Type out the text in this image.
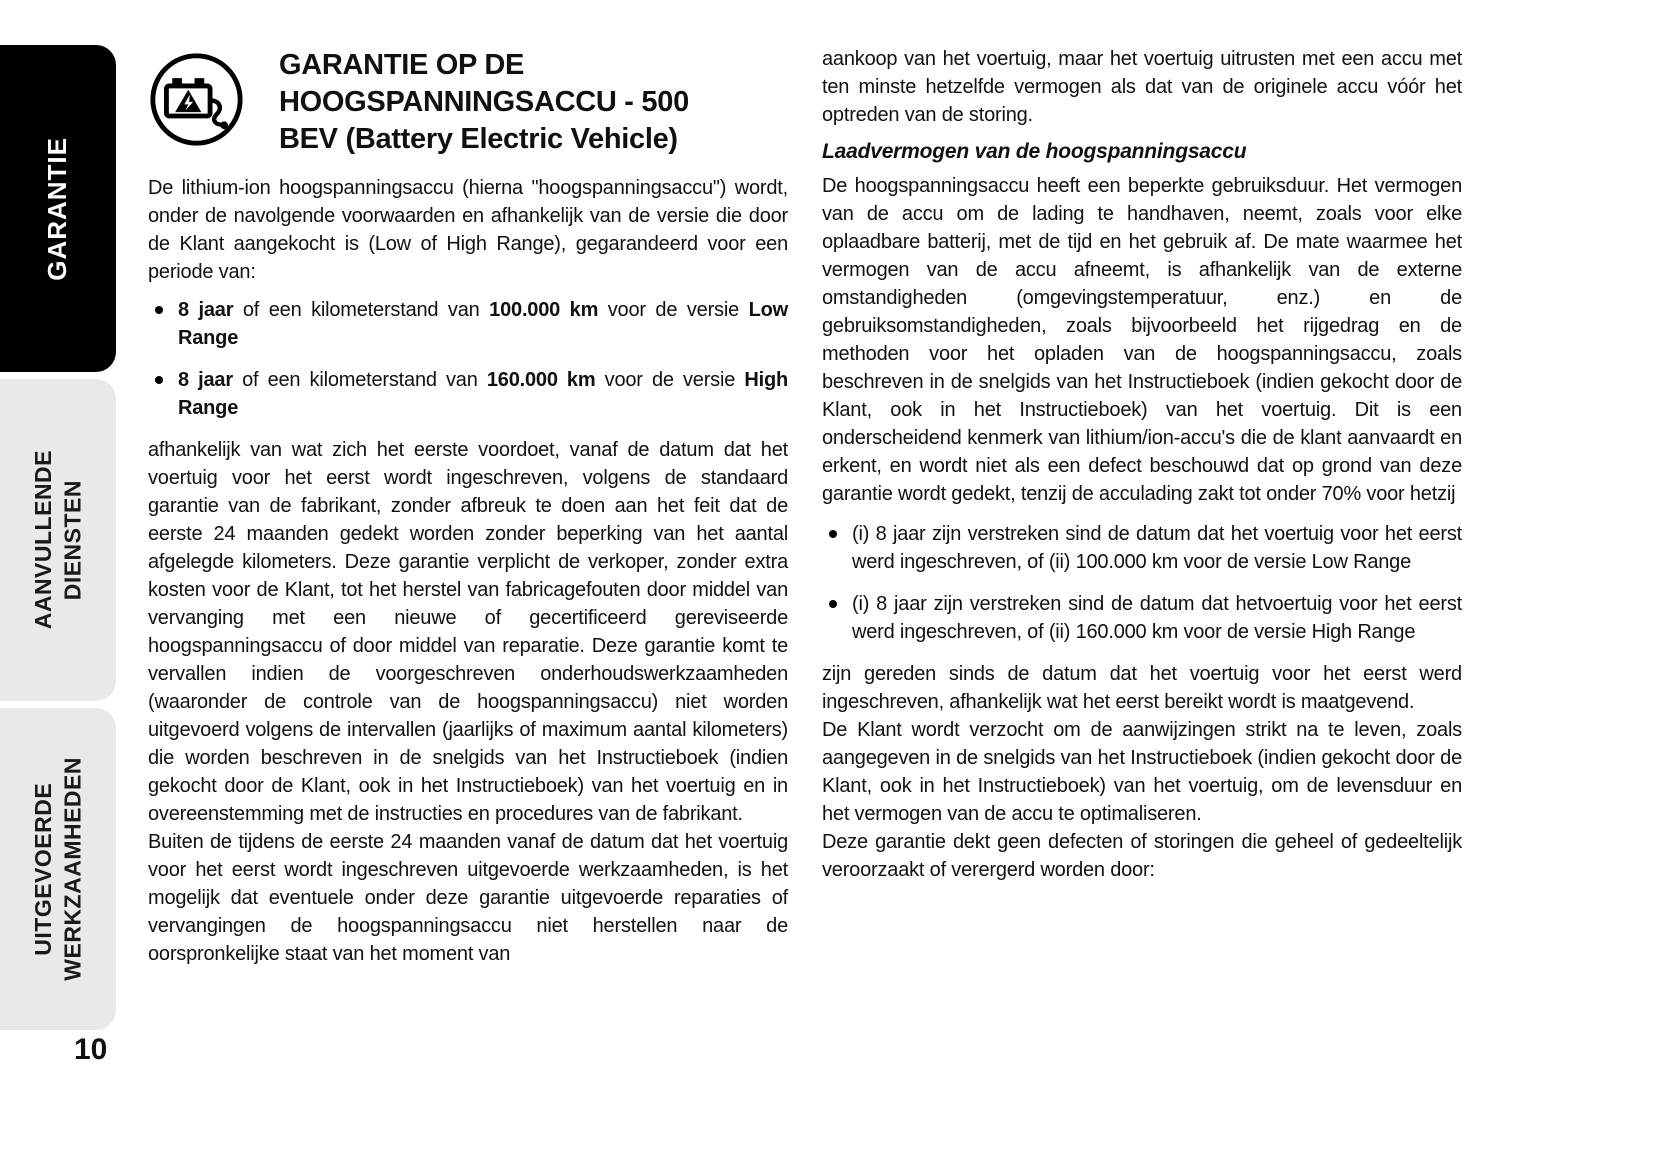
GARANTIE
AANVULLENDE DIENSTEN
UITGEVOERDE WERKZAAMHEDEN
10
GARANTIE OP DE
HOOGSPANNINGSACCU - 500
BEV (Battery Electric Vehicle)

De lithium-ion hoogspanningsaccu (hierna "hoogspanningsaccu") wordt, onder de navolgende voorwaarden en afhankelijk van de versie die door de Klant aangekocht is (Low of High Range), gegarandeerd voor een periode van:

8 jaar of een kilometerstand van 100.000 km voor de versie Low Range
8 jaar of een kilometerstand van 160.000 km voor de versie High Range

afhankelijk van wat zich het eerste voordoet, vanaf de datum dat het voertuig voor het eerst wordt ingeschreven, volgens de standaard garantie van de fabrikant, zonder afbreuk te doen aan het feit dat de eerste 24 maanden gedekt worden zonder beperking van het aantal afgelegde kilometers. Deze garantie verplicht de verkoper, zonder extra kosten voor de Klant, tot het herstel van fabricagefouten door middel van vervanging met een nieuwe of gecertificeerd gereviseerde hoogspanningsaccu of door middel van reparatie. Deze garantie komt te vervallen indien de voorgeschreven onderhoudswerkzaamheden (waaronder de controle van de hoogspanningsaccu) niet worden uitgevoerd volgens de intervallen (jaarlijks of maximum aantal kilometers) die worden beschreven in de snelgids van het Instructieboek (indien gekocht door de Klant, ook in het Instructieboek) van het voertuig en in overeenstemming met de instructies en procedures van de fabrikant.

Buiten de tijdens de eerste 24 maanden vanaf de datum dat het voertuig voor het eerst wordt ingeschreven uitgevoerde werkzaamheden, is het mogelijk dat eventuele onder deze garantie uitgevoerde reparaties of vervangingen de hoogspanningsaccu niet herstellen naar de oorspronkelijke staat van het moment van

aankoop van het voertuig, maar het voertuig uitrusten met een accu met ten minste hetzelfde vermogen als dat van de originele accu vóór het optreden van de storing.

Laadvermogen van de hoogspanningsaccu

De hoogspanningsaccu heeft een beperkte gebruiksduur. Het vermogen van de accu om de lading te handhaven, neemt, zoals voor elke oplaadbare batterij, met de tijd en het gebruik af. De mate waarmee het vermogen van de accu afneemt, is afhankelijk van de externe omstandigheden (omgevingstemperatuur, enz.) en de gebruiksomstandigheden, zoals bijvoorbeeld het rijgedrag en de methoden voor het opladen van de hoogspanningsaccu, zoals beschreven in de snelgids van het Instructieboek (indien gekocht door de Klant, ook in het Instructieboek) van het voertuig. Dit is een onderscheidend kenmerk van lithium/ion-accu's die de klant aanvaardt en erkent, en wordt niet als een defect beschouwd dat op grond van deze garantie wordt gedekt, tenzij de acculading zakt tot onder 70% voor hetzij

(i) 8 jaar zijn verstreken sind de datum dat het voertuig voor het eerst werd ingeschreven, of (ii) 100.000 km voor de versie Low Range
(i) 8 jaar zijn verstreken sind de datum dat hetvoertuig voor het eerst werd ingeschreven, of (ii) 160.000 km voor de versie High Range

zijn gereden sinds de datum dat het voertuig voor het eerst werd ingeschreven, afhankelijk wat het eerst bereikt wordt is maatgevend.

De Klant wordt verzocht om de aanwijzingen strikt na te leven, zoals aangegeven in de snelgids van het Instructieboek (indien gekocht door de Klant, ook in het Instructieboek) van het voertuig, om de levensduur en het vermogen van de accu te optimaliseren.

Deze garantie dekt geen defecten of storingen die geheel of gedeeltelijk veroorzaakt of verergerd worden door:
